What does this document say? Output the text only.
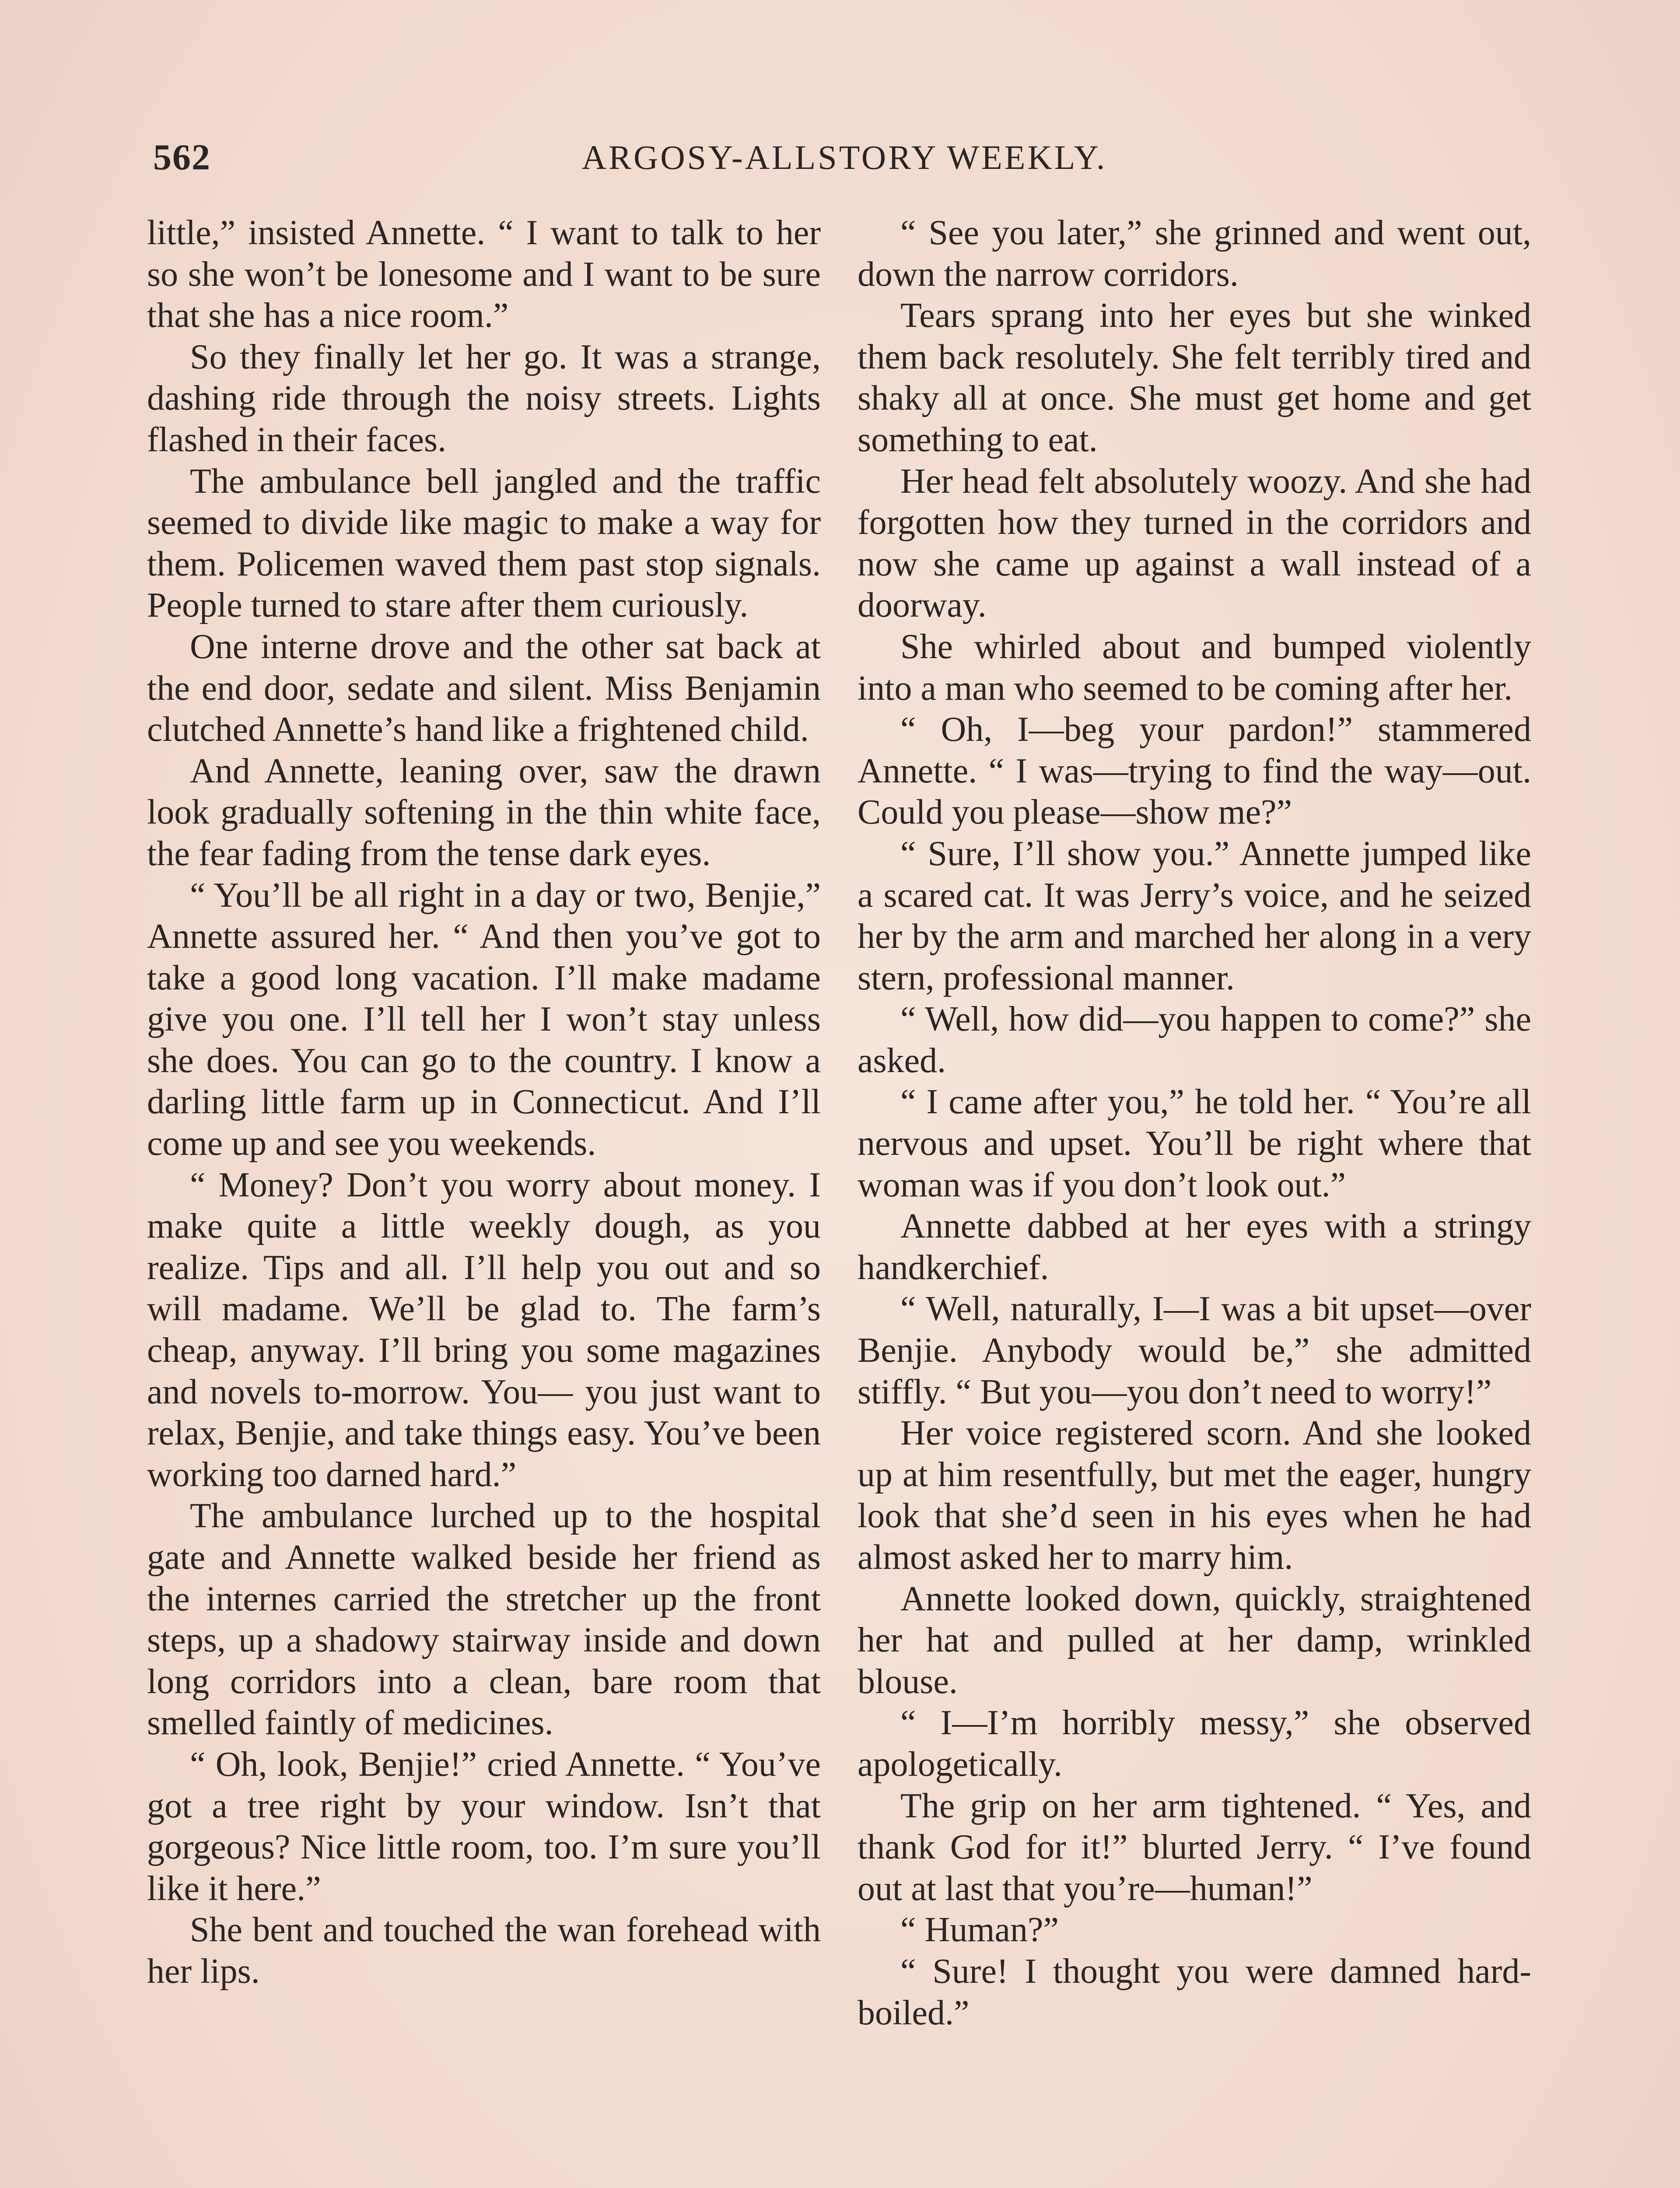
562	ARGOSY-ALLSTORY WEEKLY.

little,” insisted Annette. “ I want to talk to her so she won’t be lonesome and I want to be sure that she has a nice room.”

So they finally let her go. It was a strange, dashing ride through the noisy streets. Lights flashed in their faces.

The ambulance bell jangled and the traffic seemed to divide like magic to make a way for them. Policemen waved them past stop signals. People turned to stare after them curiously.

One interne drove and the other sat back at the end door, sedate and silent. Miss Benjamin clutched Annette’s hand like a frightened child.

And Annette, leaning over, saw the drawn look gradually softening in the thin white face, the fear fading from the tense dark eyes.

“ You’ll be all right in a day or two, Benjie,” Annette assured her. “ And then you’ve got to take a good long vacation. I’ll make madame give you one. I’ll tell her I won’t stay unless she does. You can go to the country. I know a darling little farm up in Connecticut. And I’ll come up and see you weekends.

“ Money? Don’t you worry about money. I make quite a little weekly dough, as you realize. Tips and all. I’ll help you out and so will madame. We’ll be glad to. The farm’s cheap, anyway. I’ll bring you some magazines and novels to-morrow. You— you just want to relax, Benjie, and take things easy. You’ve been working too darned hard.”

The ambulance lurched up to the hospital gate and Annette walked beside her friend as the internes carried the stretcher up the front steps, up a shadowy stairway inside and down long corridors into a clean, bare room that smelled faintly of medicines.

“ Oh, look, Benjie!” cried Annette. “ You’ve got a tree right by your window. Isn’t that gorgeous? Nice little room, too. I’m sure you’ll like it here.”

She bent and touched the wan forehead with her lips.

“ See you later,” she grinned and went out, down the narrow corridors.

Tears sprang into her eyes but she winked them back resolutely. She felt terribly tired and shaky all at once. She must get home and get something to eat.

Her head felt absolutely woozy. And she had forgotten how they turned in the corridors and now she came up against a wall instead of a doorway.

She whirled about and bumped violently into a man who seemed to be coming after her.

“ Oh, I—beg your pardon!” stammered Annette. “ I was—trying to find the way—out. Could you please—show me?”

“ Sure, I’ll show you.” Annette jumped like a scared cat. It was Jerry’s voice, and he seized her by the arm and marched her along in a very stern, professional manner.

“ Well, how did—you happen to come?” she asked.

“ I came after you,” he told her. “ You’re all nervous and upset. You’ll be right where that woman was if you don’t look out.”

Annette dabbed at her eyes with a stringy handkerchief.

“ Well, naturally, I—I was a bit upset—over Benjie. Anybody would be,” she admitted stiffly. “ But you—you don’t need to worry!”

Her voice registered scorn. And she looked up at him resentfully, but met the eager, hungry look that she’d seen in his eyes when he had almost asked her to marry him.

Annette looked down, quickly, straightened her hat and pulled at her damp, wrinkled blouse.

“ I—I’m horribly messy,” she observed apologetically.

The grip on her arm tightened. “ Yes, and thank God for it!” blurted Jerry. “ I’ve found out at last that you’re—human!”

“ Human?”

“ Sure! I thought you were damned hard-boiled.”
